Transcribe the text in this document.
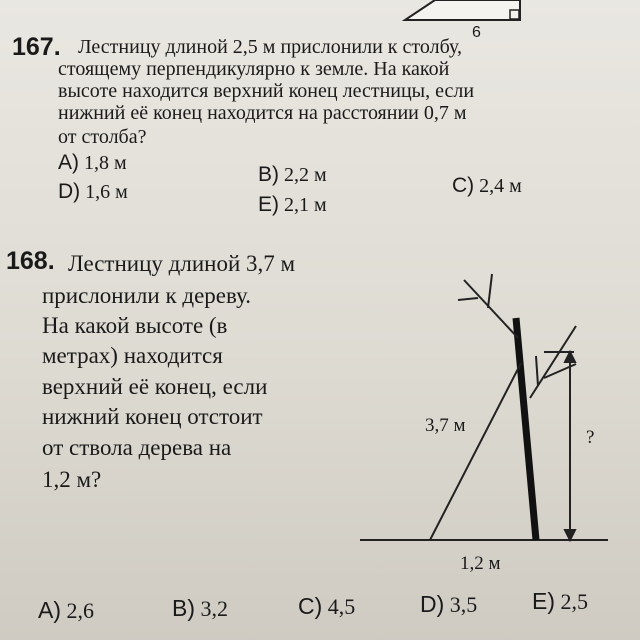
6
167. Лестницу длиной 2,5 м прислонили к столбу,
стоящему перпендикулярно к земле. На какой
высоте находится верхний конец лестницы, если
нижний её конец находится на расстоянии 0,7 м
от столба?
A) 1,8 м	B) 2,2 м	C) 2,4 м
D) 1,6 м
E) 2,1 м
168. Лестницу длиной 3,7 м
прислонили к дереву.
На какой высоте (в
метрах) находится
верхний её конец, если
нижний конец отстоит
от ствола дерева на
1,2 м?
3,7 м
?
1,2 м
A) 2,6	B) 3,2	C) 4,5	D) 3,5 E) 2,5
